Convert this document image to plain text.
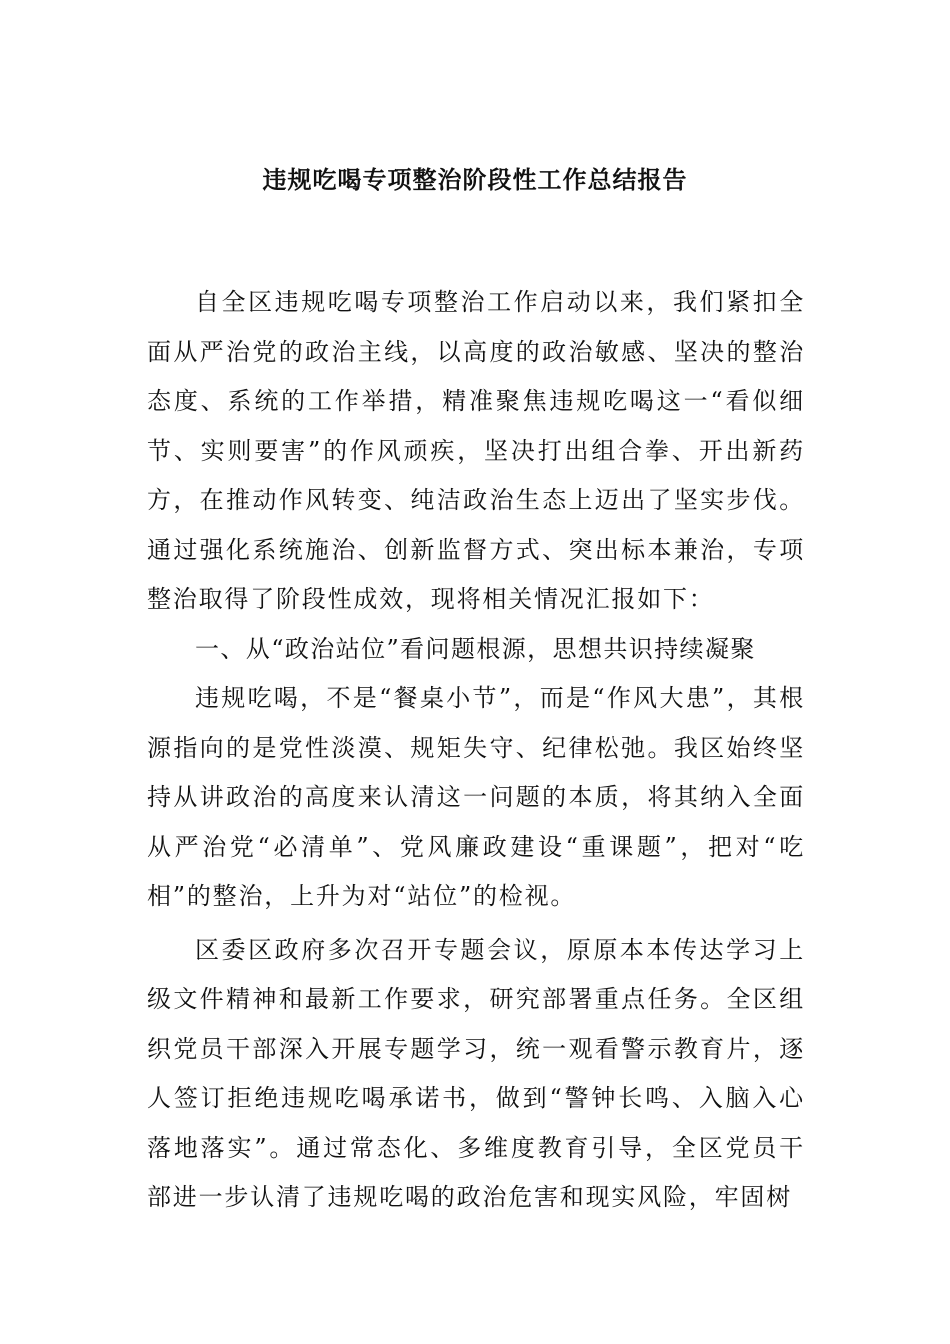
违规吃喝专项整治阶段性工作总结报告

自全区违规吃喝专项整治工作启动以来，我们紧扣全面从严治党的政治主线，以高度的政治敏感、坚决的整治态度、系统的工作举措，精准聚焦违规吃喝这一“看似细节、实则要害”的作风顽疾，坚决打出组合拳、开出新药方，在推动作风转变、纯洁政治生态上迈出了坚实步伐。通过强化系统施治、创新监督方式、突出标本兼治，专项整治取得了阶段性成效，现将相关情况汇报如下：

一、从“政治站位”看问题根源，思想共识持续凝聚

违规吃喝，不是“餐桌小节”，而是“作风大患”，其根源指向的是党性淡漠、规矩失守、纪律松弛。我区始终坚持从讲政治的高度来认清这一问题的本质，将其纳入全面从严治党“必清单”、党风廉政建设“重课题”，把对“吃相”的整治，上升为对“站位”的检视。

区委区政府多次召开专题会议，原原本本传达学习上级文件精神和最新工作要求，研究部署重点任务。全区组织党员干部深入开展专题学习，统一观看警示教育片，逐人签订拒绝违规吃喝承诺书，做到“警钟长鸣、入脑入心落地落实”。通过常态化、多维度教育引导，全区党员干部进一步认清了违规吃喝的政治危害和现实风险，牢固树
